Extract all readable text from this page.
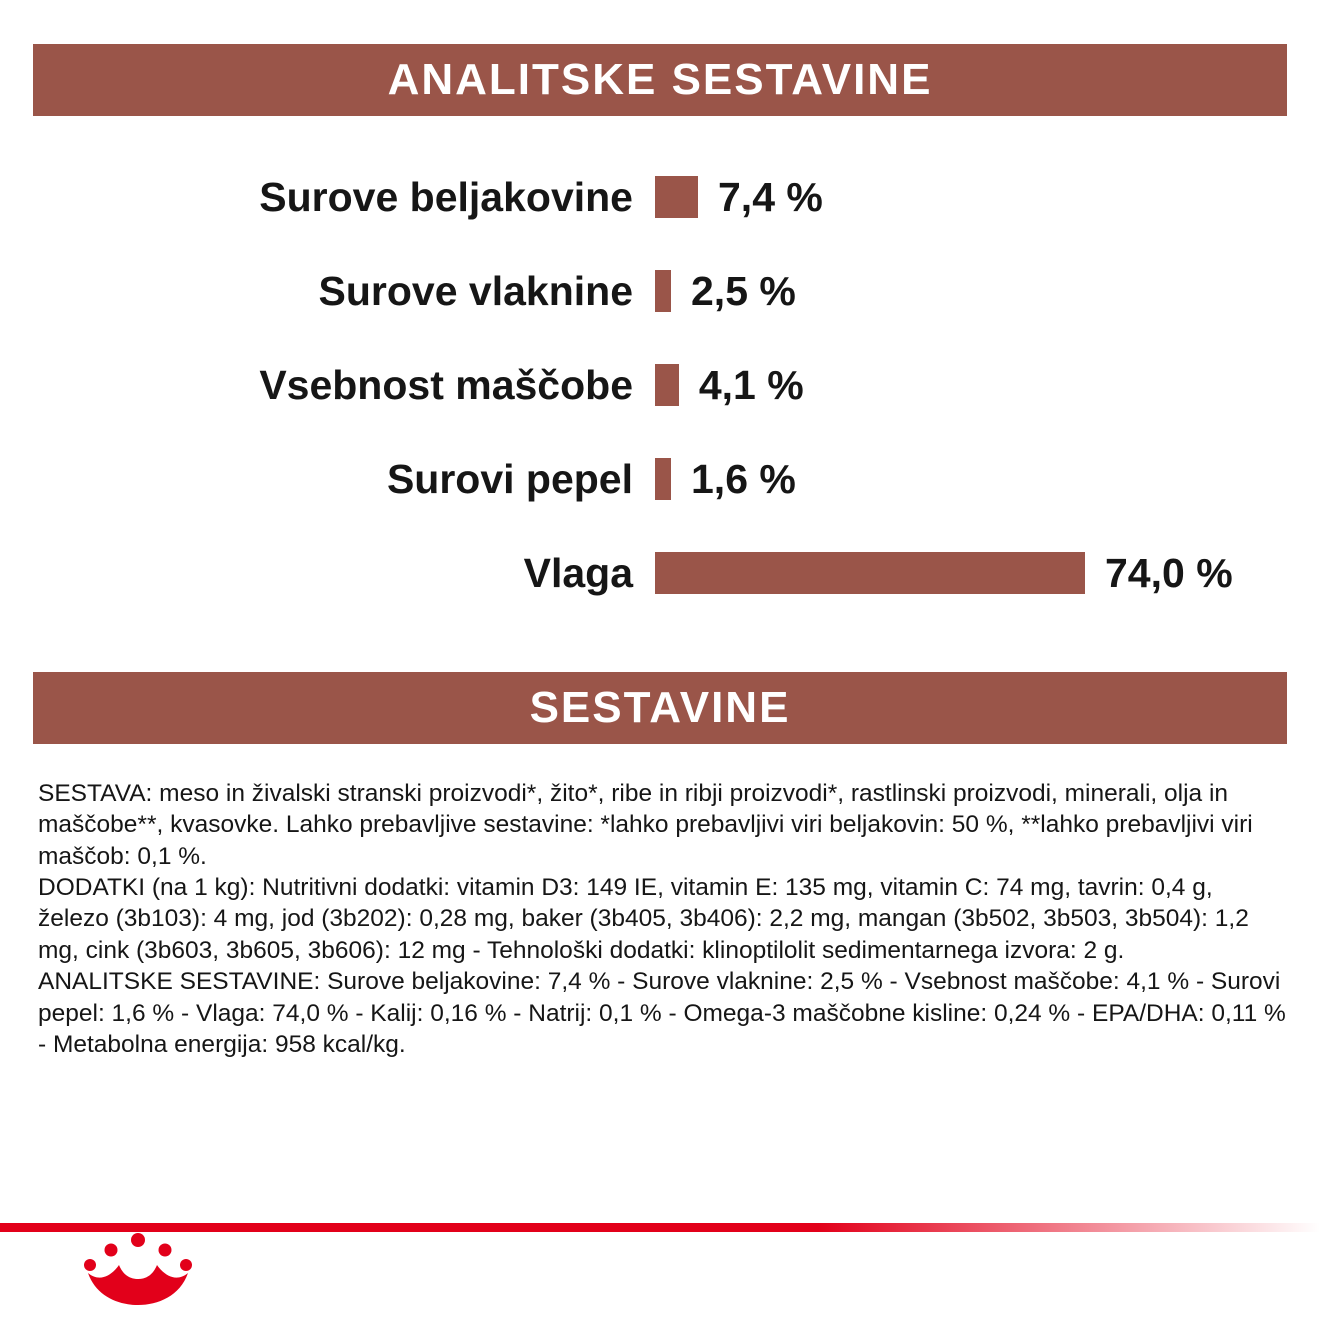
ANALITSKE SESTAVINE
Surove beljakovine	7,4 %
Surove vlaknine	2,5 %
Vsebnost maščobe	4,1 %
Surovi pepel	1,6 %
Vlaga	74,0 %
SESTAVINE

SESTAVA: meso in živalski stranski proizvodi*, žito*, ribe in ribji proizvodi*, rastlinski proizvodi, minerali, olja in maščobe**, kvasovke. Lahko prebavljive sestavine: *lahko prebavljivi viri beljakovin: 50 %, **lahko prebavljivi viri maščob: 0,1 %.

DODATKI (na 1 kg): Nutritivni dodatki: vitamin D3: 149 IE, vitamin E: 135 mg, vitamin C: 74 mg, tavrin: 0,4 g, železo (3b103): 4 mg, jod (3b202): 0,28 mg, baker (3b405, 3b406): 2,2 mg, mangan (3b502, 3b503, 3b504): 1,2 mg, cink (3b603, 3b605, 3b606): 12 mg - Tehnološki dodatki: klinoptilolit sedimentarnega izvora: 2 g.

ANALITSKE SESTAVINE: Surove beljakovine: 7,4 % - Surove vlaknine: 2,5 % - Vsebnost maščobe: 4,1 % - Surovi pepel: 1,6 % - Vlaga: 74,0 % - Kalij: 0,16 % - Natrij: 0,1 % - Omega-3 maščobne kisline: 0,24 % - EPA/DHA: 0,11 % - Metabolna energija: 958 kcal/kg.
